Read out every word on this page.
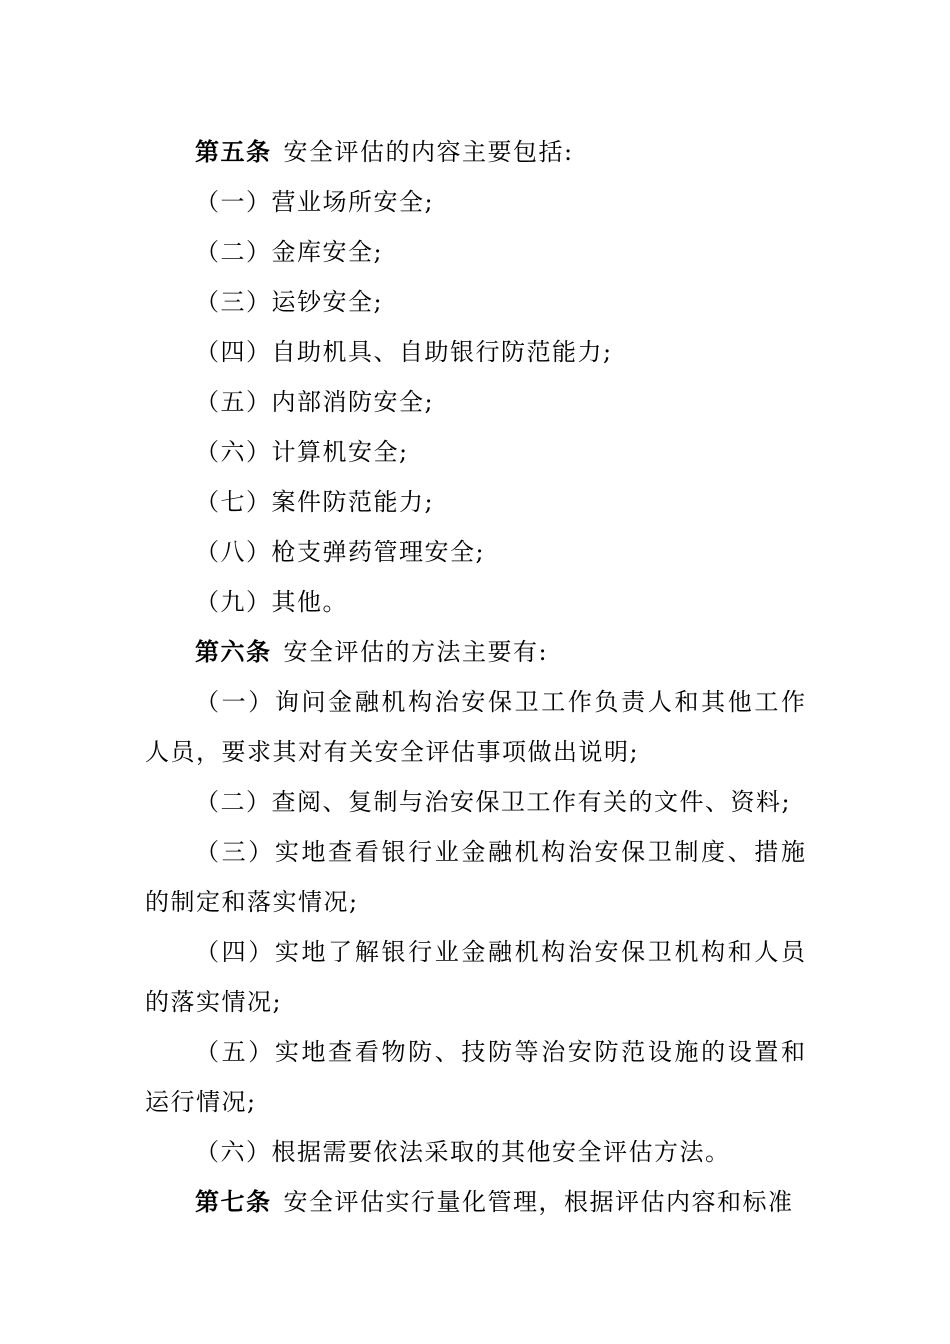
第五条 安全评估的内容主要包括:
（一）营业场所安全;
（二）金库安全;
（三）运钞安全;
（四）自助机具、自助银行防范能力;
（五）内部消防安全;
（六）计算机安全;
（七）案件防范能力;
（八）枪支弹药管理安全;
（九）其他。
第六条 安全评估的方法主要有:
（一）询问金融机构治安保卫工作负责人和其他工作
人员，要求其对有关安全评估事项做出说明;
（二）查阅、复制与治安保卫工作有关的文件、资料;
（三）实地查看银行业金融机构治安保卫制度、措施
的制定和落实情况;
（四）实地了解银行业金融机构治安保卫机构和人员
的落实情况;
（五）实地查看物防、技防等治安防范设施的设置和
运行情况;
（六）根据需要依法采取的其他安全评估方法。
第七条 安全评估实行量化管理，根据评估内容和标准
